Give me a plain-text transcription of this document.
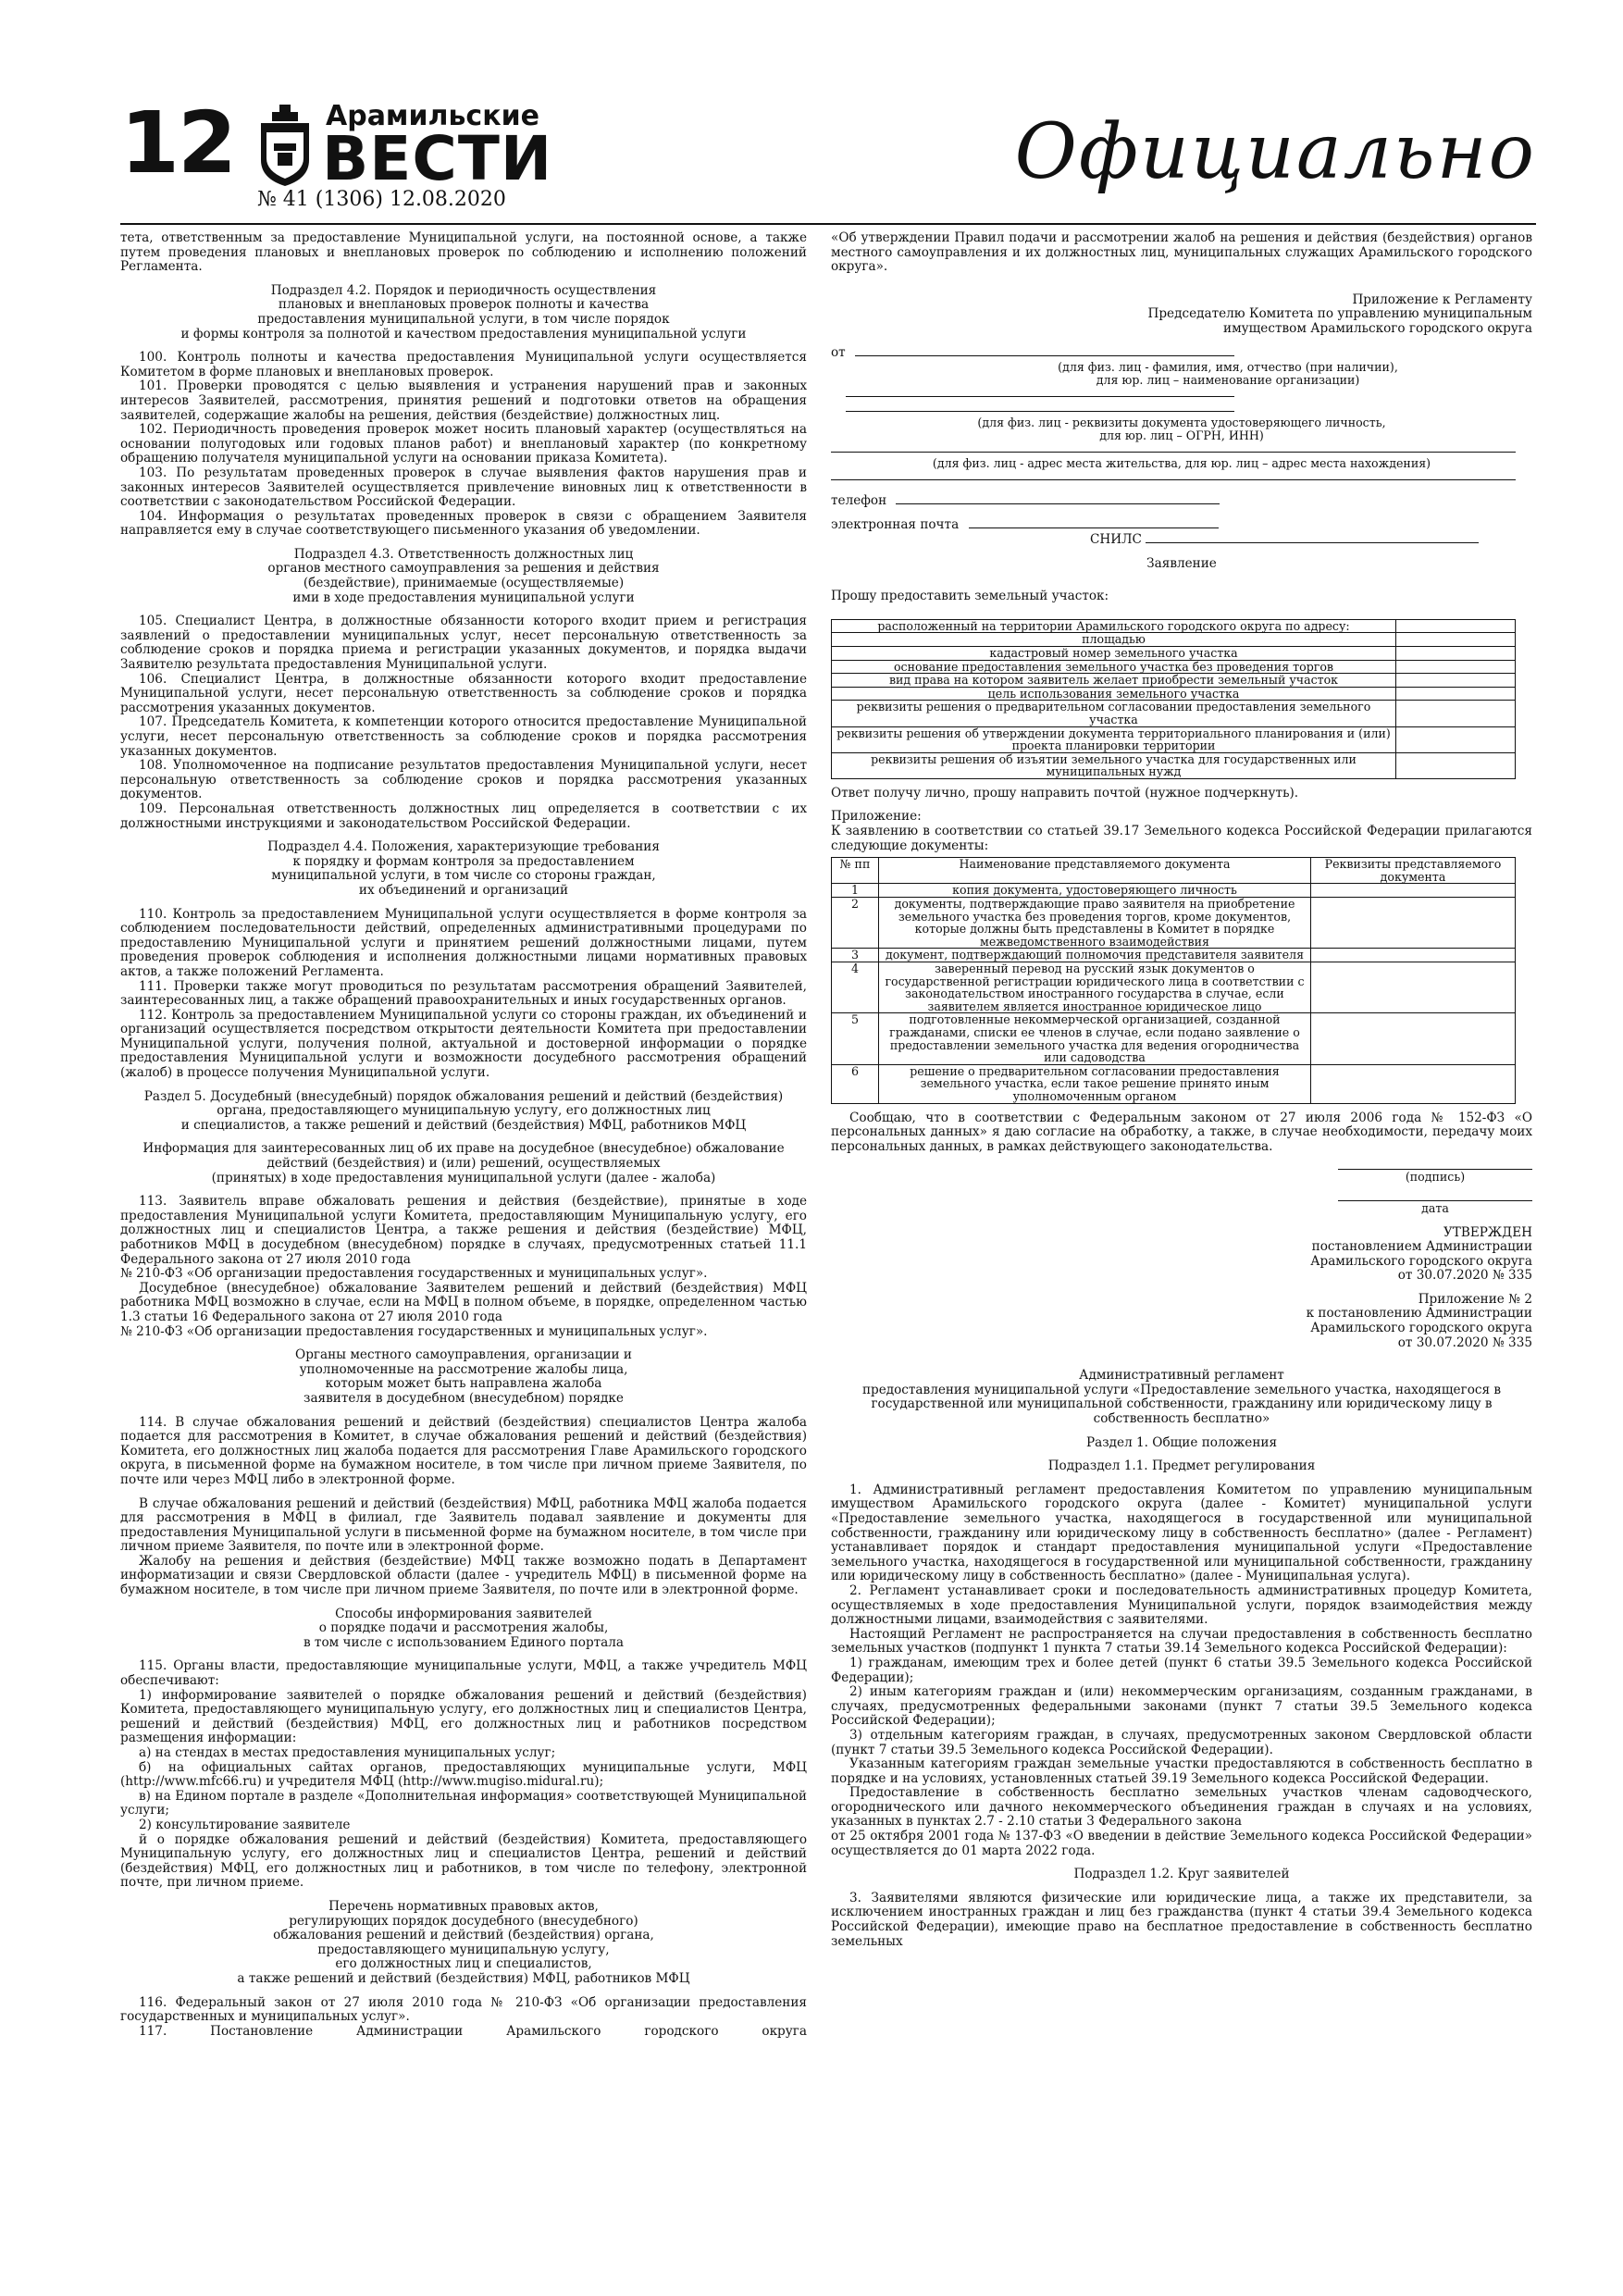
12	Арамильские
ВЕСТИ
№ 41 (1306) 12.08.2020
Официально

тета, ответственным за предоставление Муниципальной услуги, на постоянной основе, а также путем проведения плановых и внеплановых проверок по соблюдению и исполнению положений Регламента.

Подраздел 4.2. Порядок и периодичность осуществления
плановых и внеплановых проверок полноты и качества
предоставления муниципальной услуги, в том числе порядок
и формы контроля за полнотой и качеством предоставления муниципальной услуги

100. Контроль полноты и качества предоставления Муниципальной услуги осуществляется Комитетом в форме плановых и внеплановых проверок.

101. Проверки проводятся с целью выявления и устранения нарушений прав и законных интересов Заявителей, рассмотрения, принятия решений и подготовки ответов на обращения заявителей, содержащие жалобы на решения, действия (бездействие) должностных лиц.

102. Периодичность проведения проверок может носить плановый характер (осуществляться на основании полугодовых или годовых планов работ) и внеплановый характер (по конкретному обращению получателя муниципальной услуги на основании приказа Комитета).

103. По результатам проведенных проверок в случае выявления фактов нарушения прав и законных интересов Заявителей осуществляется привлечение виновных лиц к ответственности в соответствии с законодательством Российской Федерации.

104. Информация о результатах проведенных проверок в связи с обращением Заявителя направляется ему в случае соответствующего письменного указания об уведомлении.

Подраздел 4.3. Ответственность должностных лиц
органов местного самоуправления за решения и действия
(бездействие), принимаемые (осуществляемые)
ими в ходе предоставления муниципальной услуги

105. Специалист Центра, в должностные обязанности которого входит прием и регистрация заявлений о предоставлении муниципальных услуг, несет персональную ответственность за соблюдение сроков и порядка приема и регистрации указанных документов, и порядка выдачи Заявителю результата предоставления Муниципальной услуги.

106. Специалист Центра, в должностные обязанности которого входит предоставление Муниципальной услуги, несет персональную ответственность за соблюдение сроков и порядка рассмотрения указанных документов.

107. Председатель Комитета, к компетенции которого относится предоставление Муниципальной услуги, несет персональную ответственность за соблюдение сроков и порядка рассмотрения указанных документов.

108. Уполномоченное на подписание результатов предоставления Муниципальной услуги, несет персональную ответственность за соблюдение сроков и порядка рассмотрения указанных документов.

109. Персональная ответственность должностных лиц определяется в соответствии с их должностными инструкциями и законодательством Российской Федерации.

Подраздел 4.4. Положения, характеризующие требования
к порядку и формам контроля за предоставлением
муниципальной услуги, в том числе со стороны граждан,
их объединений и организаций

110. Контроль за предоставлением Муниципальной услуги осуществляется в форме контроля за соблюдением последовательности действий, определенных административными процедурами по предоставлению Муниципальной услуги и принятием решений должностными лицами, путем проведения проверок соблюдения и исполнения должностными лицами нормативных правовых актов, а также положений Регламента.

111. Проверки также могут проводиться по результатам рассмотрения обращений Заявителей, заинтересованных лиц, а также обращений правоохранительных и иных государственных органов.

112. Контроль за предоставлением Муниципальной услуги со стороны граждан, их объединений и организаций осуществляется посредством открытости деятельности Комитета при предоставлении Муниципальной услуги, получения полной, актуальной и достоверной информации о порядке предоставления Муниципальной услуги и возможности досудебного рассмотрения обращений (жалоб) в процессе получения Муниципальной услуги.

Раздел 5. Досудебный (внесудебный) порядок обжалования решений и действий (бездействия) органа, предоставляющего муниципальную услугу, его должностных лиц
и специалистов, а также решений и действий (бездействия) МФЦ, работников МФЦ
Информация для заинтересованных лиц об их праве на досудебное (внесудебное) обжалование действий (бездействия) и (или) решений, осуществляемых
(принятых) в ходе предоставления муниципальной услуги (далее - жалоба)

113. Заявитель вправе обжаловать решения и действия (бездействие), принятые в ходе предоставления Муниципальной услуги Комитета, предоставляющим Муниципальную услугу, его должностных лиц и специалистов Центра, а также решения и действия (бездействие) МФЦ, работников МФЦ в досудебном (внесудебном) порядке в случаях, предусмотренных статьей 11.1 Федерального закона от 27 июля 2010 года
№ 210-ФЗ «Об организации предоставления государственных и муниципальных услуг».

Досудебное (внесудебное) обжалование Заявителем решений и действий (бездействия) МФЦ работника МФЦ возможно в случае, если на МФЦ в полном объеме, в порядке, определенном частью 1.3 статьи 16 Федерального закона от 27 июля 2010 года
№ 210-ФЗ «Об организации предоставления государственных и муниципальных услуг».

Органы местного самоуправления, организации и
уполномоченные на рассмотрение жалобы лица,
которым может быть направлена жалоба
заявителя в досудебном (внесудебном) порядке

114. В случае обжалования решений и действий (бездействия) специалистов Центра жалоба подается для рассмотрения в Комитет, в случае обжалования решений и действий (бездействия) Комитета, его должностных лиц жалоба подается для рассмотрения Главе Арамильского городского округа, в письменной форме на бумажном носителе, в том числе при личном приеме Заявителя, по почте или через МФЦ либо в электронной форме.

В случае обжалования решений и действий (бездействия) МФЦ, работника МФЦ жалоба подается для рассмотрения в МФЦ в филиал, где Заявитель подавал заявление и документы для предоставления Муниципальной услуги в письменной форме на бумажном носителе, в том числе при личном приеме Заявителя, по почте или в электронной форме.

Жалобу на решения и действия (бездействие) МФЦ также возможно подать в Департамент информатизации и связи Свердловской области (далее - учредитель МФЦ) в письменной форме на бумажном носителе, в том числе при личном приеме Заявителя, по почте или в электронной форме.

Способы информирования заявителей
о порядке подачи и рассмотрения жалобы,
в том числе с использованием Единого портала

115. Органы власти, предоставляющие муниципальные услуги, МФЦ, а также учредитель МФЦ обеспечивают:

1) информирование заявителей о порядке обжалования решений и действий (бездействия) Комитета, предоставляющего муниципальную услугу, его должностных лиц и специалистов Центра, решений и действий (бездействия) МФЦ, его должностных лиц и работников посредством размещения информации:

а) на стендах в местах предоставления муниципальных услуг;

б) на официальных сайтах органов, предоставляющих муниципальные услуги, МФЦ (http://www.mfc66.ru) и учредителя МФЦ (http://www.mugiso.midural.ru);

в) на Едином портале в разделе «Дополнительная информация» соответствующей Муниципальной услуги;

2) консультирование заявителе

й о порядке обжалования решений и действий (бездействия) Комитета, предоставляющего Муниципальную услугу, его должностных лиц и специалистов Центра, решений и действий (бездействия) МФЦ, его должностных лиц и работников, в том числе по телефону, электронной почте, при личном приеме.

Перечень нормативных правовых актов,
регулирующих порядок досудебного (внесудебного)
обжалования решений и действий (бездействия) органа,
предоставляющего муниципальную услугу,
его должностных лиц и специалистов,
а также решений и действий (бездействия) МФЦ, работников МФЦ

116. Федеральный закон от 27 июля 2010 года № 210-ФЗ «Об организации предоставления государственных и муниципальных услуг».

117. Постановление Администрации Арамильского городского округа

«Об утверждении Правил подачи и рассмотрении жалоб на решения и действия (бездействия) органов местного самоуправления и их должностных лиц, муниципальных служащих Арамильского городского округа».

Приложение к Регламенту
Председателю Комитета по управлению муниципальным
имуществом Арамильского городского округа
от
(для физ. лиц - фамилия, имя, отчество (при наличии),
для юр. лиц – наименование организации)
(для физ. лиц - реквизиты документа удостоверяющего личность,
для юр. лиц – ОГРН, ИНН)
(для физ. лиц - адрес места жительства, для юр. лиц – адрес места нахождения)
телефон
электронная почта
СНИЛС

Заявление

Прошу предоставить земельный участок:

расположенный на территории Арамильского городского округа по адресу:	
площадью	
кадастровый номер земельного участка	
основание предоставления земельного участка без проведения торгов	
вид права на котором заявитель желает приобрести земельный участок	
цель использования земельного участка	
реквизиты решения о предварительном согласовании предоставления земельного участка	
реквизиты решения об утверждении документа территориального планирования и (или) проекта планировки территории	
реквизиты решения об изъятии земельного участка для государственных или муниципальных нужд	

Ответ получу лично, прошу направить почтой (нужное подчеркнуть).

Приложение:

К заявлению в соответствии со статьей 39.17 Земельного кодекса Российской Федерации прилагаются следующие документы:

№ пп	Наименование представляемого документа	Реквизиты представляемого документа
1	копия документа, удостоверяющего личность	
2	документы, подтверждающие право заявителя на приобретение земельного участка без проведения торгов, кроме документов, которые должны быть представлены в Комитет в порядке межведомственного взаимодействия	
3	документ, подтверждающий полномочия представителя заявителя	
4	заверенный перевод на русский язык документов о государственной регистрации юридического лица в соответствии с законодательством иностранного государства в случае, если заявителем является иностранное юридическое лицо	
5	подготовленные некоммерческой организацией, созданной гражданами, списки ее членов в случае, если подано заявление о предоставлении земельного участка для ведения огородничества или садоводства	
6	решение о предварительном согласовании предоставления земельного участка, если такое решение принято иным уполномоченным органом	

Сообщаю, что в соответствии с Федеральным законом от 27 июля 2006 года № 152-ФЗ «О персональных данных» я даю согласие на обработку, а также, в случае необходимости, передачу моих персональных данных, в рамках действующего законодательства.

(подпись)
дата
УТВЕРЖДЕН
постановлением Администрации
Арамильского городского округа
от 30.07.2020 № 335
Приложение № 2
к постановлению Администрации
Арамильского городского округа
от 30.07.2020 № 335

Административный регламент

предоставления муниципальной услуги «Предоставление земельного участка, находящегося в государственной или муниципальной собственности, гражданину или юридическому лицу в собственность бесплатно»

Раздел 1. Общие положения

Подраздел 1.1. Предмет регулирования

1. Административный регламент предоставления Комитетом по управлению муниципальным имуществом Арамильского городского округа (далее - Комитет) муниципальной услуги «Предоставление земельного участка, находящегося в государственной или муниципальной собственности, гражданину или юридическому лицу в собственность бесплатно» (далее - Регламент) устанавливает порядок и стандарт предоставления муниципальной услуги «Предоставление земельного участка, находящегося в государственной или муниципальной собственности, гражданину или юридическому лицу в собственность бесплатно» (далее - Муниципальная услуга).

2. Регламент устанавливает сроки и последовательность административных процедур Комитета, осуществляемых в ходе предоставления Муниципальной услуги, порядок взаимодействия между должностными лицами, взаимодействия с заявителями.

Настоящий Регламент не распространяется на случаи предоставления в собственность бесплатно земельных участков (подпункт 1 пункта 7 статьи 39.14 Земельного кодекса Российской Федерации):

1) гражданам, имеющим трех и более детей (пункт 6 статьи 39.5 Земельного кодекса Российской Федерации);

2) иным категориям граждан и (или) некоммерческим организациям, созданным гражданами, в случаях, предусмотренных федеральными законами (пункт 7 статьи 39.5 Земельного кодекса Российской Федерации);

3) отдельным категориям граждан, в случаях, предусмотренных законом Свердловской области (пункт 7 статьи 39.5 Земельного кодекса Российской Федерации).

Указанным категориям граждан земельные участки предоставляются в собственность бесплатно в порядке и на условиях, установленных статьей 39.19 Земельного кодекса Российской Федерации.

Предоставление в собственность бесплатно земельных участков членам садоводческого, огороднического или дачного некоммерческого объединения граждан в случаях и на условиях, указанных в пунктах 2.7 - 2.10 статьи 3 Федерального закона
от 25 октября 2001 года № 137-ФЗ «О введении в действие Земельного кодекса Российской Федерации» осуществляется до 01 марта 2022 года.

Подраздел 1.2. Круг заявителей

3. Заявителями являются физические или юридические лица, а также их представители, за исключением иностранных граждан и лиц без гражданства (пункт 4 статьи 39.4 Земельного кодекса Российской Федерации), имеющие право на бесплатное предоставление в собственность бесплатно земельных
